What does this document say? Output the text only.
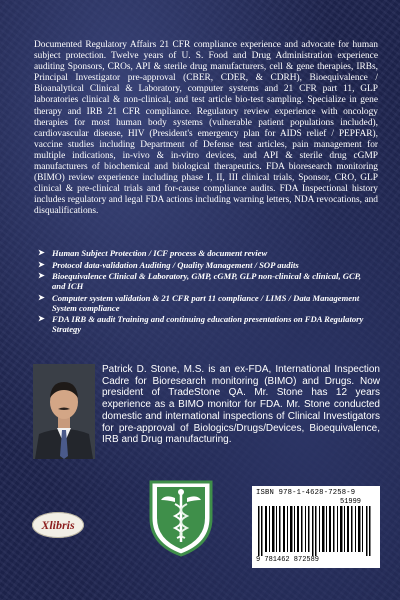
Documented Regulatory Affairs 21 CFR compliance experience and advocate for human subject protection. Twelve years of U. S. Food and Drug Administration experience auditing Sponsors, CROs, API & sterile drug manufacturers, cell & gene therapies, IRBs, Principal Investigator pre-approval (CBER, CDER, & CDRH), Bioequivalence / Bioanalytical Clinical & Laboratory, computer systems and 21 CFR part 11, GLP laboratories clinical & non-clinical, and test article bio-test sampling. Specialize in gene therapy and IRB 21 CFR compliance. Regulatory review experience with oncology therapies for most human body systems (vulnerable patient populations included), cardiovascular disease, HIV (President's emergency plan for AIDS relief / PEPFAR), vaccine studies including Department of Defense test articles, pain management for multiple indications, in-vivo & in-vitro devices, and API & sterile drug cGMP manufacturers of biochemical and biological therapeutics. FDA bioresearch monitoring (BIMO) review experience including phase I, II, III clinical trials, Sponsor, CRO, GLP clinical & pre-clinical trials and for-cause compliance audits. FDA Inspectional history includes regulatory and legal FDA actions including warning letters, NDA revocations, and disqualifications.
➤ Human Subject Protection / ICF process & document review
➤ Protocol data-validation Auditing / Quality Management / SOP audits
➤ Bioequivalence Clinical & Laboratory, GMP, cGMP, GLP non-clinical & clinical, GCP, and ICH
➤ Computer system validation & 21 CFR part 11 compliance / LIMS / Data Management System compliance
➤ FDA IRB & audit Training and continuing education presentations on FDA Regulatory Strategy
Patrick D. Stone, M.S. is an ex-FDA, International Inspection Cadre for Bioresearch monitoring (BIMO) and Drugs. Now president of TradeStone QA. Mr. Stone has 12 years experience as a BIMO monitor for FDA. Mr. Stone conducted domestic and international inspections of Clinical Investigators for pre-approval of Biologics/Drugs/Devices, Bioequivalence, IRB and Drug manufacturing.
Xlibris
ISBN 978-1-4628-7258-9
51999
9 781462 872589
